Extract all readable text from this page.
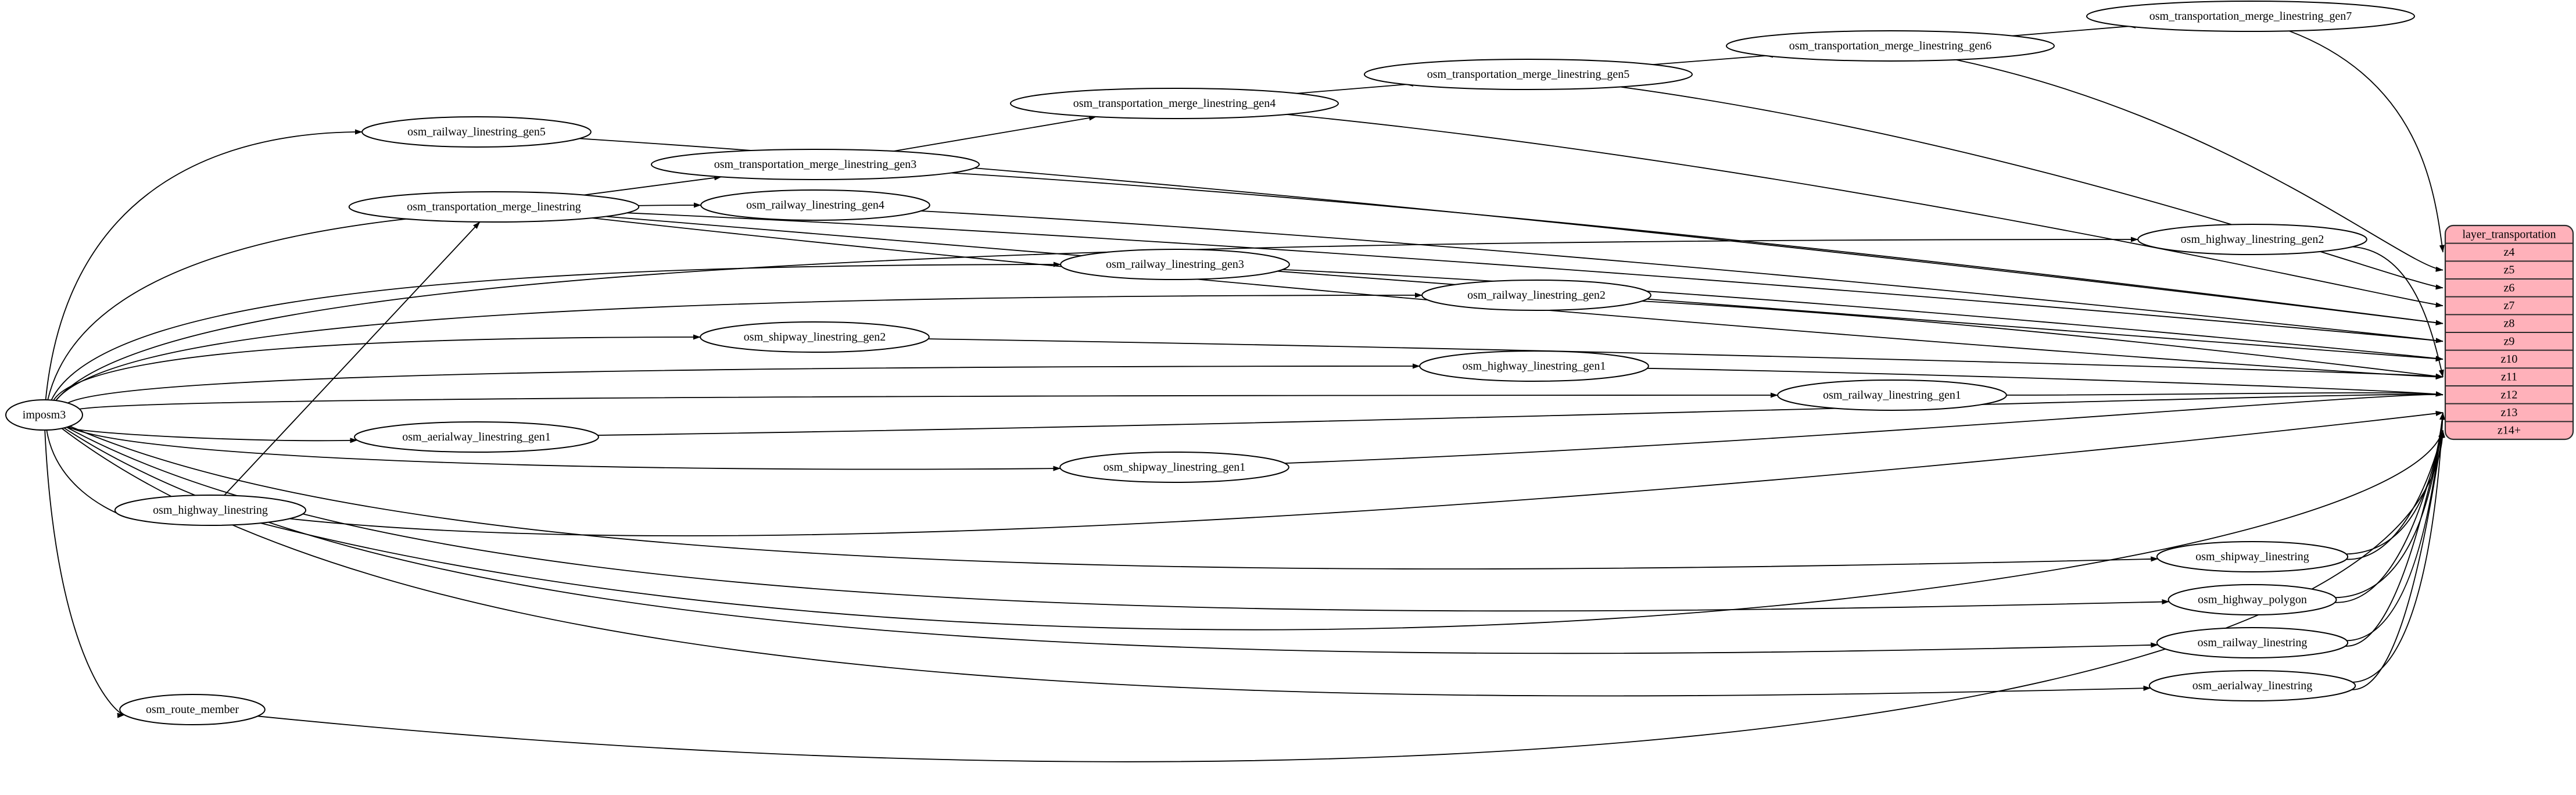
imposm3
osm_railway_linestring_gen5
osm_transportation_merge_linestring_gen3
osm_transportation_merge_linestring	osm_railway_linestring_gen4
osm_transportation_merge_linestring_gen4
osm_transportation_merge_linestring_gen5
osm_transportation_merge_linestring_gen6
osm_transportation_merge_linestring_gen7
osm_highway_linestring_gen2
osm_railway_linestring_gen3
osm_railway_linestring_gen2
osm_shipway_linestring_gen2
osm_highway_linestring_gen1
osm_railway_linestring_gen1
osm_aerialway_linestring_gen1
osm_shipway_linestring_gen1
osm_highway_linestring
osm_shipway_linestring
osm_highway_polygon
osm_railway_linestring
osm_aerialway_linestring
osm_route_member
layer_transportation
z4
z5
z6
z7
z8
z9
z10
z11
z12
z13
z14+
